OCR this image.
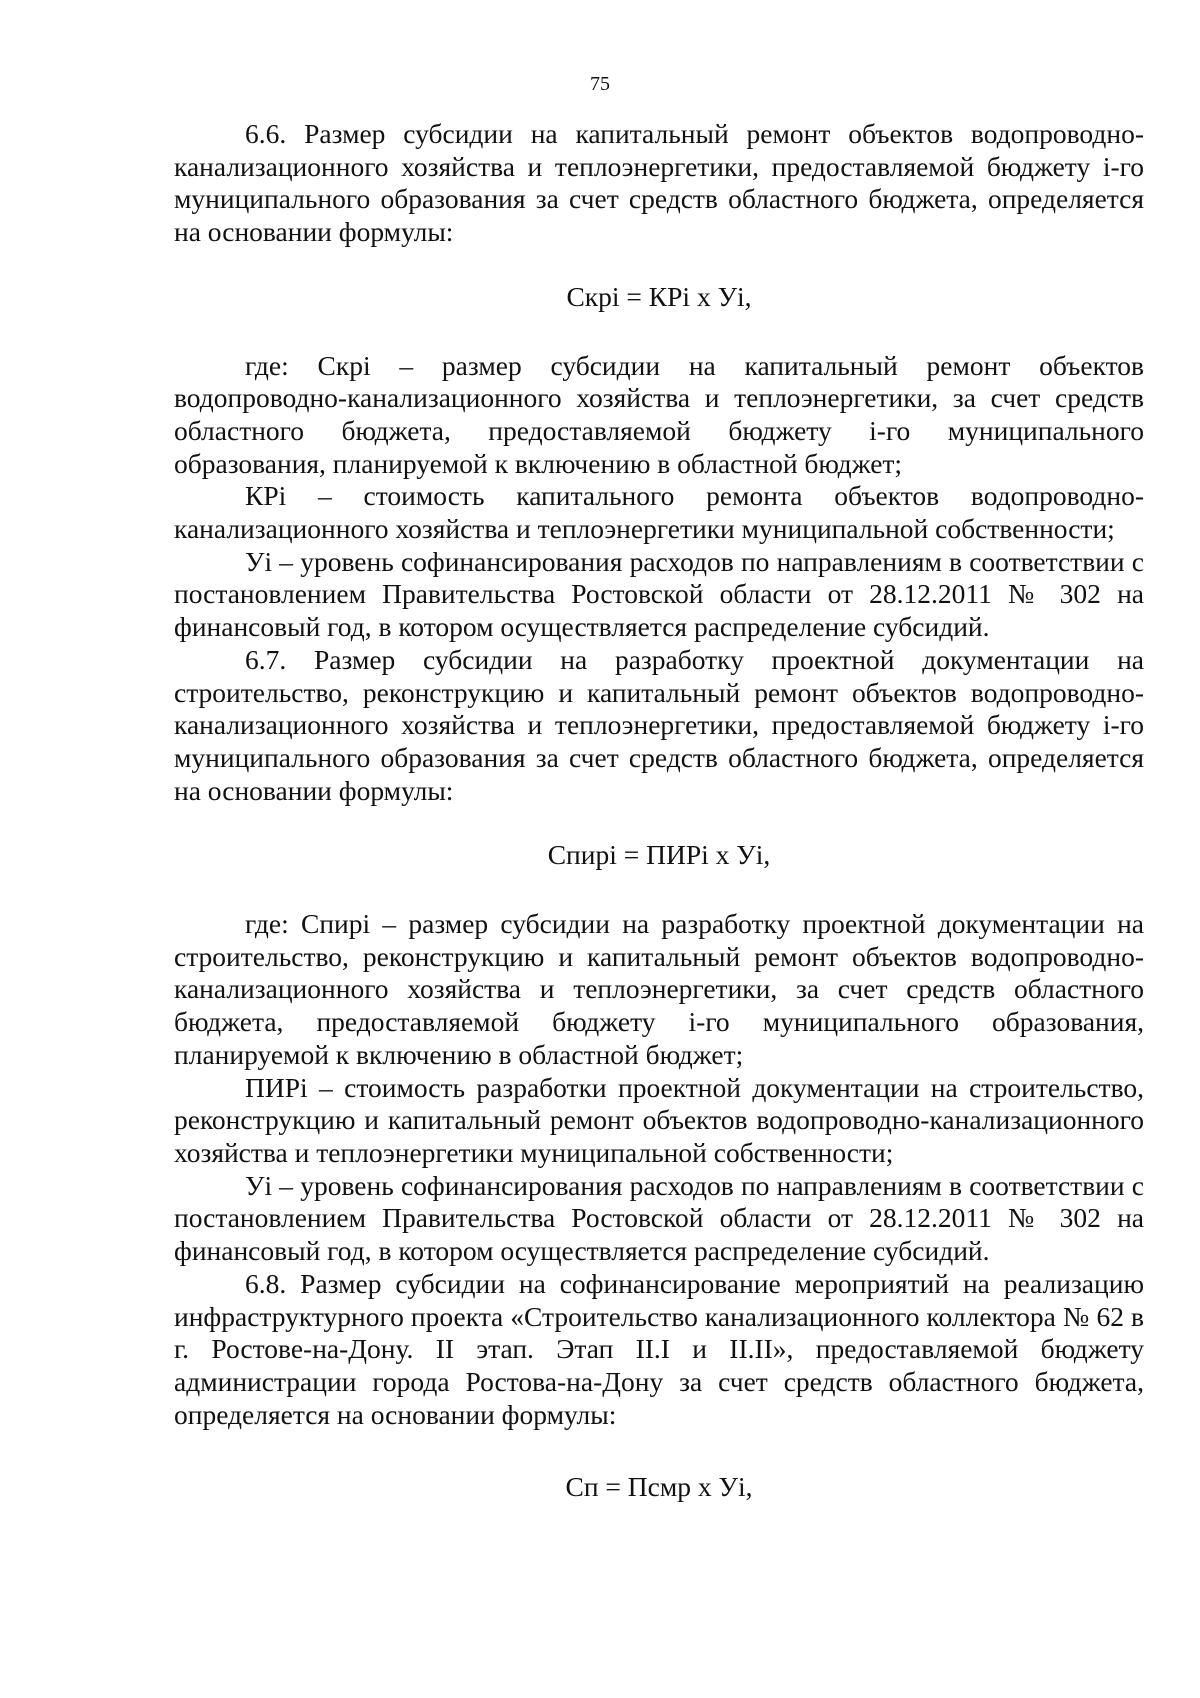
75

6.6. Размер субсидии на капитальный ремонт объектов водопроводно-канализационного хозяйства и теплоэнергетики, предоставляемой бюджету i-го муниципального образования за счет средств областного бюджета, определяется на основании формулы:

Скрi = КРi х Уi,

где: Скрi – размер субсидии на капитальный ремонт объектов водопроводно-канализационного хозяйства и теплоэнергетики, за счет средств областного бюджета, предоставляемой бюджету i-го муниципального образования, планируемой к включению в областной бюджет;

КРi – стоимость капитального ремонта объектов водопроводно-канализационного хозяйства и теплоэнергетики муниципальной собственности;

Уi – уровень софинансирования расходов по направлениям в соответствии с постановлением Правительства Ростовской области от 28.12.2011 № 302 на финансовый год, в котором осуществляется распределение субсидий.

6.7. Размер субсидии на разработку проектной документации на строительство, реконструкцию и капитальный ремонт объектов водопроводно-канализационного хозяйства и теплоэнергетики, предоставляемой бюджету i-го муниципального образования за счет средств областного бюджета, определяется на основании формулы:

Спирi = ПИРi х Уi,

где: Спирi – размер субсидии на разработку проектной документации на строительство, реконструкцию и капитальный ремонт объектов водопроводно-канализационного хозяйства и теплоэнергетики, за счет средств областного бюджета, предоставляемой бюджету i-го муниципального образования, планируемой к включению в областной бюджет;

ПИРi – стоимость разработки проектной документации на строительство, реконструкцию и капитальный ремонт объектов водопроводно-канализационного хозяйства и теплоэнергетики муниципальной собственности;

Уi – уровень софинансирования расходов по направлениям в соответствии с постановлением Правительства Ростовской области от 28.12.2011 № 302 на финансовый год, в котором осуществляется распределение субсидий.

6.8. Размер субсидии на софинансирование мероприятий на реализацию инфраструктурного проекта «Строительство канализационного коллектора № 62 в г. Ростове-на-Дону. II этап. Этап II.I и II.II», предоставляемой бюджету администрации города Ростова-на-Дону за счет средств областного бюджета, определяется на основании формулы:

Сп = Псмр х Уi,
